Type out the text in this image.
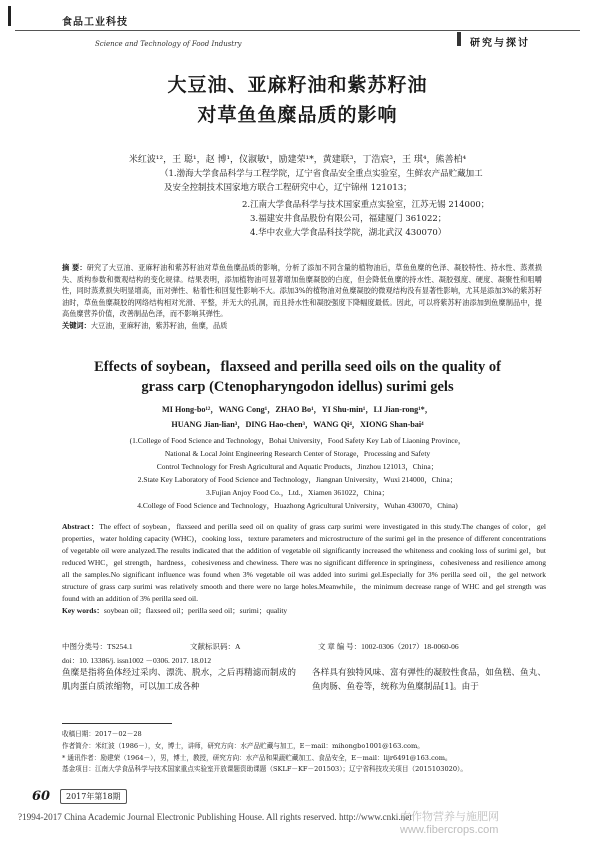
食品工业科技
Science and Technology of Food Industry	研究与探讨
大豆油、亚麻籽油和紫苏籽油
对草鱼鱼糜品质的影响
米红波¹²，王 聪¹，赵 博¹，仪淑敏¹，励建荣¹*，黄建联³，丁浩宸³，王 琪⁴，熊善柏⁴
（1.渤海大学食品科学与工程学院，辽宁省食品安全重点实验室，生鲜农产品贮藏加工
及安全控制技术国家地方联合工程研究中心，辽宁锦州 121013；
2.江南大学食品科学与技术国家重点实验室，江苏无锡 214000；
3.福建安井食品股份有限公司，福建厦门 361022；
4.华中农业大学食品科技学院，湖北武汉 430070）
摘 要：研究了大豆油、亚麻籽油和紫苏籽油对草鱼鱼糜品质的影响，分析了添加不同含量的植物油后，草鱼鱼糜的色泽、凝胶特性、持水性、蒸煮损失、质构参数和微观结构的变化规律。结果表明，添加植物油可显著增加鱼糜凝胶的白度，但会降低鱼糜的持水性、凝胶强度、硬度、凝聚性和咀嚼性，同时蒸煮损失明显增高，而对弹性、粘着性和回复性影响不大。添加3%的植物油对鱼糜凝胶的微观结构没有显著性影响，尤其是添加3%的紫苏籽油时，草鱼鱼糜凝胶的网络结构相对光滑、平整，并无大的孔洞，而且持水性和凝胶强度下降幅度最低。因此，可以将紫苏籽油添加到鱼糜制品中，提高鱼糜营养价值，改善制品色泽，而不影响其弹性。
关键词：大豆油，亚麻籽油，紫苏籽油，鱼糜，品质
Effects of soybean，flaxseed and perilla seed oils on the quality of
grass carp (Ctenopharyngodon idellus) surimi gels
MI Hong-bo¹²，WANG Cong¹，ZHAO Bo¹，YI Shu-min¹，LI Jian-rong¹*，
HUANG Jian-lian³，DING Hao-chen³，WANG Qi⁴，XIONG Shan-bai⁴
(1.College of Food Science and Technology，Bohai University，Food Safety Key Lab of Liaoning Province，
National & Local Joint Engineering Research Center of Storage，Processing and Safety
Control Technology for Fresh Agricultural and Aquatic Products，Jinzhou 121013，China；
2.State Key Laboratory of Food Science and Technology，Jiangnan University，Wuxi 214000，China；
3.Fujian Anjoy Food Co.，Ltd.，Xiamen 361022，China；
4.College of Food Science and Technology，Huazhong Agricultural University，Wuhan 430070，China)
Abstract：The effect of soybean，flaxseed and perilla seed oil on quality of grass carp surimi were investigated in this study.The changes of color，gel properties，water holding capacity (WHC)，cooking loss，texture parameters and microstructure of the surimi gel in the presence of different concentrations of vegetable oil were analyzed.The results indicated that the addition of vegetable oil significantly increased the whiteness and cooking loss of surimi gel，but reduced WHC，gel strength，hardness，cohesiveness and chewiness. There was no significant difference in springiness，cohesiveness and resilience among all the samples.No significant influence was found when 3% vegetable oil was added into surimi gel.Especially for 3% perilla seed oil，the gel network structure of grass carp surimi was relatively smooth and there were no large holes.Meanwhile，the minimum decrease range of WHC and gel strength was found with an addition of 3% perilla seed oil.
Key words：soybean oil；flaxseed oil；perilla seed oil；surimi；quality
中图分类号：TS254.1	文献标识码：A	文 章 编 号：1002-0306（2017）18-0060-06
doi：10. 13386/j. issn1002 －0306. 2017. 18.012
鱼糜是指将鱼体经过采肉、漂洗、脱水，之后再精滤而制成的肌肉蛋白质浓缩物，可以加工成各种
各样具有独特风味、富有弹性的凝胶性食品，如鱼糕、鱼丸、鱼肉肠、鱼卷等，统称为鱼糜制品[1]。由于
收稿日期：2017－02－28
作者简介：米红波（1986－），女，博士，讲师，研究方向：水产品贮藏与加工，E－mail：mihongbo1001@163.com。
* 通讯作者：励建荣（1964－），男，博士，教授，研究方向：水产品和果蔬贮藏加工、食品安全，E－mail：lijr6491@163.com。
基金项目：江南大学食品科学与技术国家重点实验室开放课题资助课题（SKLF－KF－201503）；辽宁省科技攻关项目（2015103020）。
60	2017年第18期
?1994-2017 China Academic Journal Electronic Publishing House. All rights reserved. http://www.cnki.net
农作物营养与施肥网 www.fibercrops.com
